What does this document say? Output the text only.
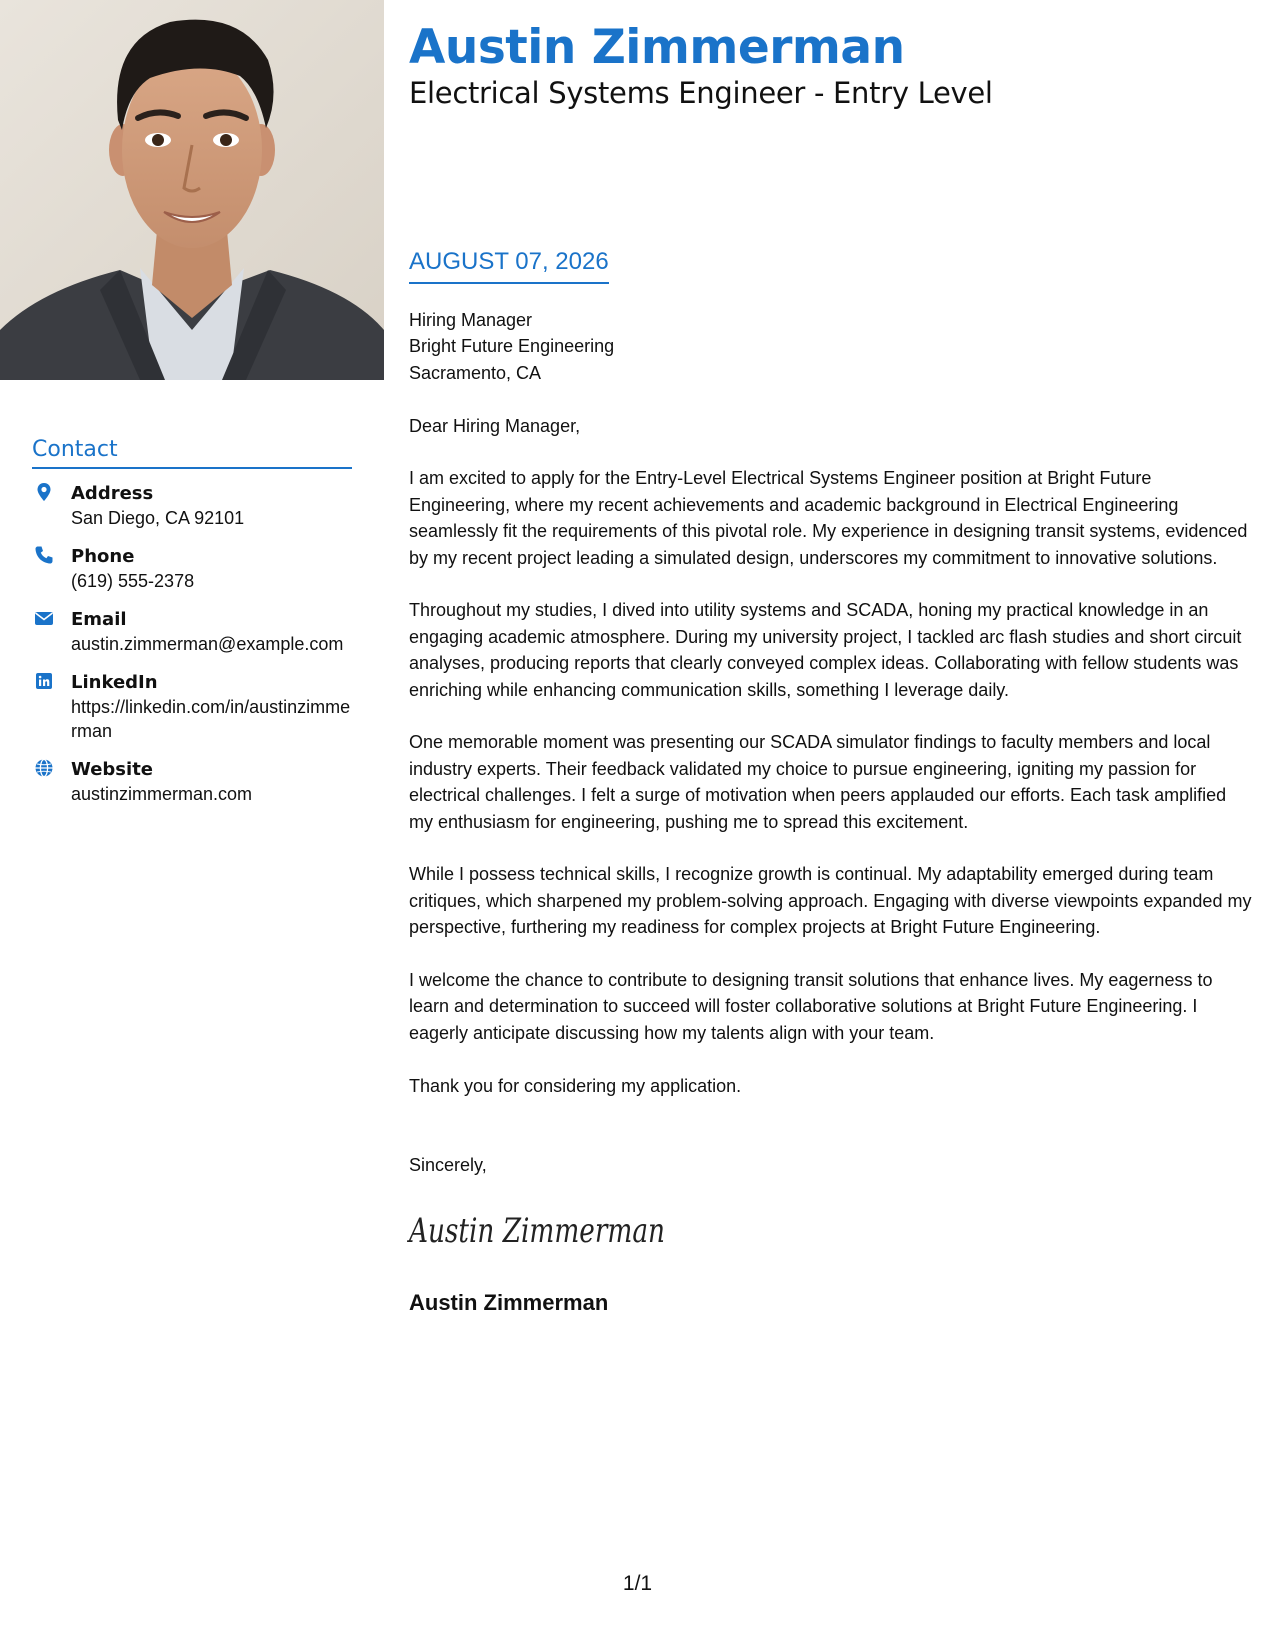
Contact
Address
San Diego, CA 92101
Phone
(619) 555-2378
Email
austin.zimmerman@example.com
LinkedIn
https://linkedin.com/in/austinzimmerman
Website
austinzimmerman.com
Austin Zimmerman
Electrical Systems Engineer - Entry Level
AUGUST 07, 2026
Hiring Manager
Bright Future Engineering
Sacramento, CA

Dear Hiring Manager,

I am excited to apply for the Entry-Level Electrical Systems Engineer position at Bright Future Engineering, where my recent achievements and academic background in Electrical Engineering seamlessly fit the requirements of this pivotal role. My experience in designing transit systems, evidenced by my recent project leading a simulated design, underscores my commitment to innovative solutions.

Throughout my studies, I dived into utility systems and SCADA, honing my practical knowledge in an engaging academic atmosphere. During my university project, I tackled arc flash studies and short circuit analyses, producing reports that clearly conveyed complex ideas. Collaborating with fellow students was enriching while enhancing communication skills, something I leverage daily.

One memorable moment was presenting our SCADA simulator findings to faculty members and local industry experts. Their feedback validated my choice to pursue engineering, igniting my passion for electrical challenges. I felt a surge of motivation when peers applauded our efforts. Each task amplified my enthusiasm for engineering, pushing me to spread this excitement.

While I possess technical skills, I recognize growth is continual. My adaptability emerged during team critiques, which sharpened my problem-solving approach. Engaging with diverse viewpoints expanded my perspective, furthering my readiness for complex projects at Bright Future Engineering.

I welcome the chance to contribute to designing transit solutions that enhance lives. My eagerness to learn and determination to succeed will foster collaborative solutions at Bright Future Engineering. I eagerly anticipate discussing how my talents align with your team.

Thank you for considering my application.

Sincerely,

Austin Zimmerman
Austin Zimmerman
1/1
